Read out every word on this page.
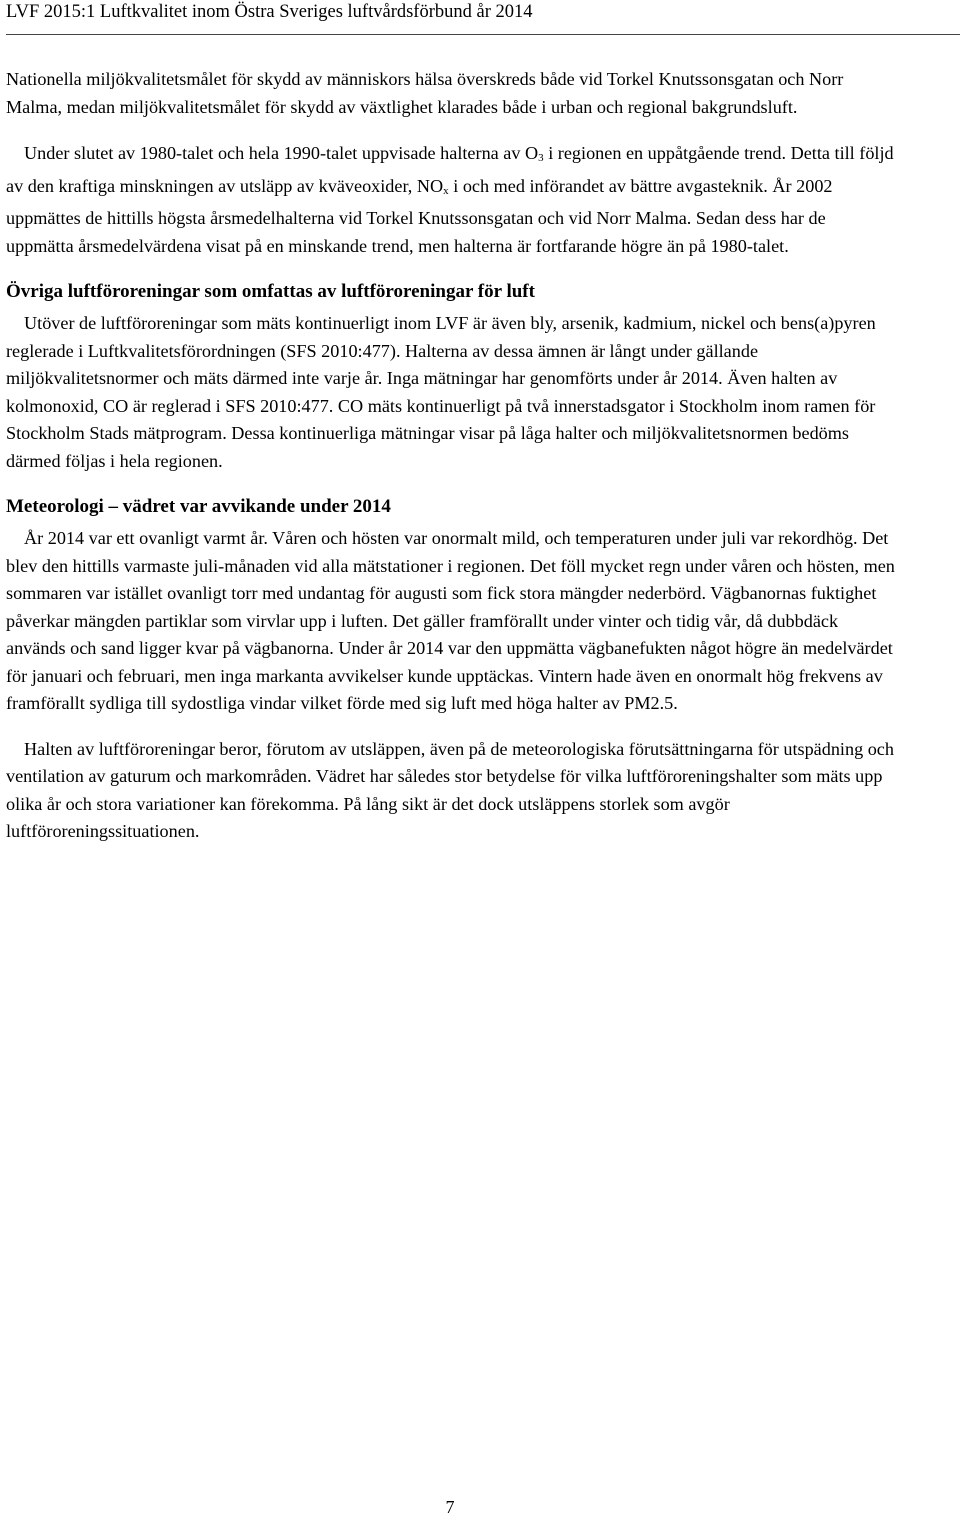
LVF 2015:1 Luftkvalitet inom Östra Sveriges luftvårdsförbund år 2014

Nationella miljökvalitetsmålet för skydd av människors hälsa överskreds både vid Torkel Knutssonsgatan och Norr Malma, medan miljökvalitetsmålet för skydd av växtlighet klarades både i urban och regional bakgrundsluft.

Under slutet av 1980-talet och hela 1990-talet uppvisade halterna av O3 i regionen en uppåtgående trend. Detta till följd av den kraftiga minskningen av utsläpp av kväveoxider, NOx i och med införandet av bättre avgasteknik. År 2002 uppmättes de hittills högsta årsmedelhalterna vid Torkel Knutssonsgatan och vid Norr Malma. Sedan dess har de uppmätta årsmedelvärdena visat på en minskande trend, men halterna är fortfarande högre än på 1980-talet.

Övriga luftföroreningar som omfattas av luftföroreningar för luft

Utöver de luftföroreningar som mäts kontinuerligt inom LVF är även bly, arsenik, kadmium, nickel och bens(a)pyren reglerade i Luftkvalitetsförordningen (SFS 2010:477). Halterna av dessa ämnen är långt under gällande miljökvalitetsnormer och mäts därmed inte varje år. Inga mätningar har genomförts under år 2014. Även halten av kolmonoxid, CO är reglerad i SFS 2010:477. CO mäts kontinuerligt på två innerstadsgator i Stockholm inom ramen för Stockholm Stads mätprogram. Dessa kontinuerliga mätningar visar på låga halter och miljökvalitetsnormen bedöms därmed följas i hela regionen.

Meteorologi – vädret var avvikande under 2014

År 2014 var ett ovanligt varmt år. Våren och hösten var onormalt mild, och temperaturen under juli var rekordhög. Det blev den hittills varmaste juli-månaden vid alla mätstationer i regionen. Det föll mycket regn under våren och hösten, men sommaren var istället ovanligt torr med undantag för augusti som fick stora mängder nederbörd. Vägbanornas fuktighet påverkar mängden partiklar som virvlar upp i luften. Det gäller framförallt under vinter och tidig vår, då dubbdäck används och sand ligger kvar på vägbanorna. Under år 2014 var den uppmätta vägbanefukten något högre än medelvärdet för januari och februari, men inga markanta avvikelser kunde upptäckas. Vintern hade även en onormalt hög frekvens av framförallt sydliga till sydostliga vindar vilket förde med sig luft med höga halter av PM2.5.

Halten av luftföroreningar beror, förutom av utsläppen, även på de meteorologiska förutsättningarna för utspädning och ventilation av gaturum och markområden. Vädret har således stor betydelse för vilka luftföroreningshalter som mäts upp olika år och stora variationer kan förekomma. På lång sikt är det dock utsläppens storlek som avgör luftföroreningssituationen.

7
